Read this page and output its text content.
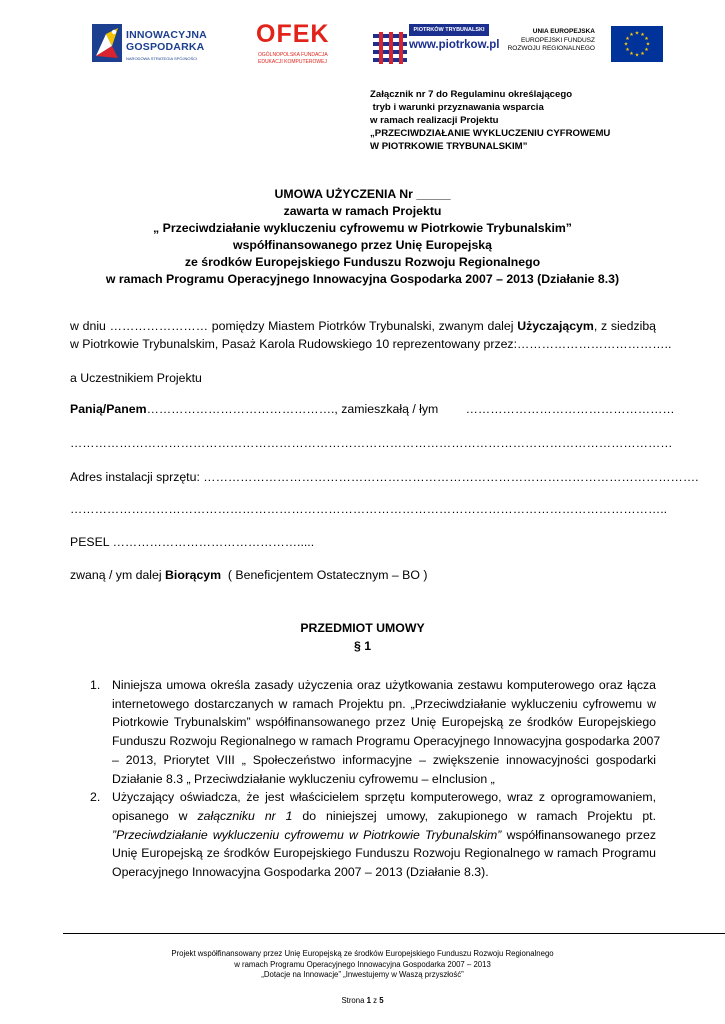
INNOWACYJNA
GOSPODARKA
NARODOWA STRATEGIA SPÓJNOŚCI
OFEK
OGÓLNOPOLSKA FUNDACJA
EDUKACJI KOMPUTEROWEJ
PIOTRKÓW TRYBUNALSKI
www.piotrkow.pl
UNIA EUROPEJSKA
EUROPEJSKI FUNDUSZ
ROZWOJU REGIONALNEGO
★ ★
★
★
★
★
★
★
★
★
★
★
Załącznik nr 7 do Regulaminu określającego
tryb i warunki przyznawania wsparcia
w ramach realizacji Projektu
„PRZECIWDZIAŁANIE WYKLUCZENIU CYFROWEMU
W PIOTRKOWIE TRYBUNALSKIM”
UMOWA UŻYCZENIA Nr _____
zawarta w ramach Projektu
„ Przeciwdziałanie wykluczeniu cyfrowemu w Piotrkowie Trybunalskim”
współfinansowanego przez Unię Europejską
ze środków Europejskiego Funduszu Rozwoju Regionalnego
w ramach Programu Operacyjnego Innowacyjna Gospodarka 2007 – 2013 (Działanie 8.3)
w dniu …………………… pomiędzy Miastem Piotrków Trybunalski, zwanym dalej Użyczającym, z siedzibą
w Piotrkowie Trybunalskim, Pasaż Karola Rudowskiego 10 reprezentowany przez:………………………………..
a Uczestnikiem Projektu
Panią/Panem………………………………………., zamieszkałą / łym        ……………………………………………
…………………………………………………………………………………………………………………………………
Adres instalacji sprzętu: ………………………………………………………………………………………………………….
………………………………………………………………………………………………………………………………..
PESEL ……………………………………….....
zwaną / ym dalej Biorącym  ( Beneficjentem Ostatecznym – BO )
PRZEDMIOT UMOWY
§ 1
1. Niniejsza umowa określa zasady użyczenia oraz użytkowania zestawu komputerowego oraz łącza
internetowego dostarczanych w ramach Projektu pn. „Przeciwdziałanie wykluczeniu cyfrowemu w
Piotrkowie Trybunalskim” współfinansowanego przez Unię Europejską ze środków Europejskiego
Funduszu Rozwoju Regionalnego w ramach Programu Operacyjnego Innowacyjna gospodarka 2007
– 2013, Priorytet VIII „ Społeczeństwo informacyjne – zwiększenie innowacyjności gospodarki
Działanie 8.3 „ Przeciwdziałanie wykluczeniu cyfrowemu – eInclusion „
2. Użyczający oświadcza, że jest właścicielem sprzętu komputerowego, wraz z oprogramowaniem,
opisanego w załączniku nr 1 do niniejszej umowy, zakupionego w ramach Projektu pt.
”Przeciwdziałanie wykluczeniu cyfrowemu w Piotrkowie Trybunalskim” współfinansowanego przez
Unię Europejską ze środków Europejskiego Funduszu Rozwoju Regionalnego w ramach Programu
Operacyjnego Innowacyjna Gospodarka 2007 – 2013 (Działanie 8.3).
Projekt współfinansowany przez Unię Europejską ze środków Europejskiego Funduszu Rozwoju Regionalnego
w ramach Programu Operacyjnego Innowacyjna Gospodarka 2007 – 2013
„Dotacje na Innowacje” „Inwestujemy w Waszą przyszłość”
Strona 1 z 5
